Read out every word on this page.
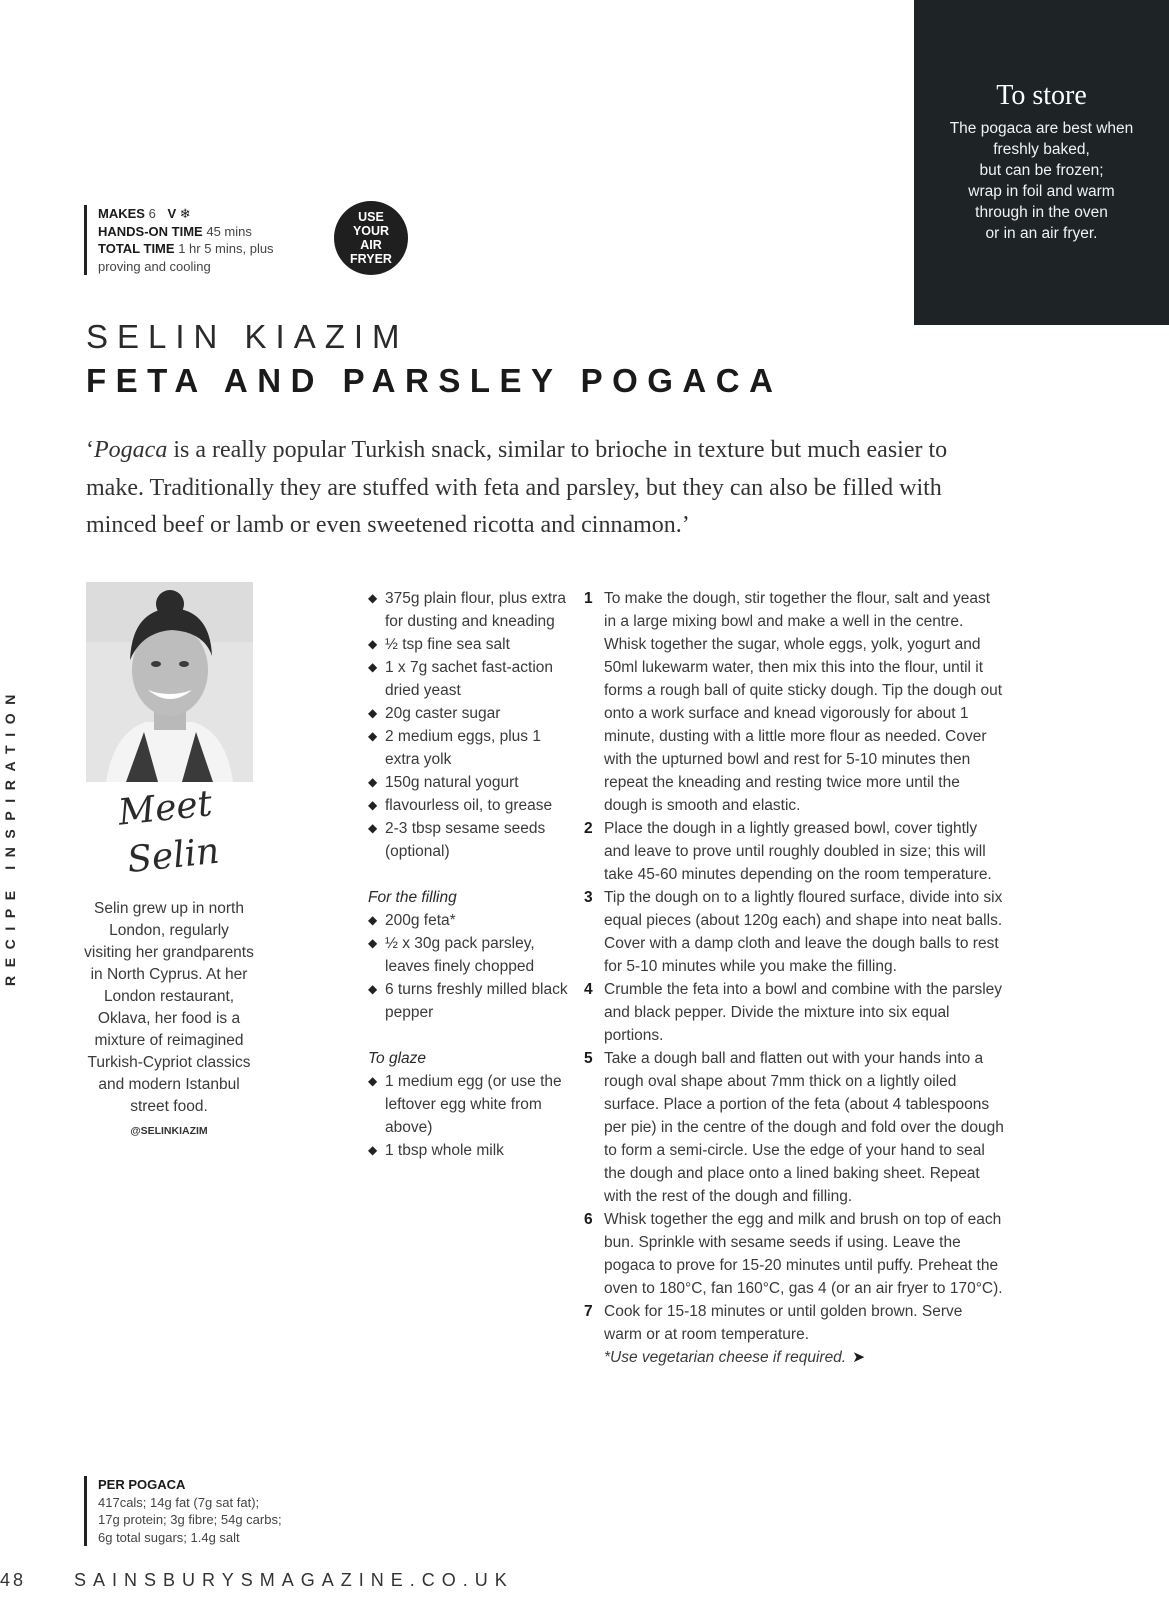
To store
The pogaca are best when
freshly baked,
but can be frozen;
wrap in foil and warm
through in the oven
or in an air fryer.
MAKES 6 V ❄
HANDS-ON TIME 45 mins
TOTAL TIME 1 hr 5 mins, plus
proving and cooling
USE
YOUR
AIR
FRYER
SELIN KIAZIM
FETA AND PARSLEY POGACA
‘Pogaca is a really popular Turkish snack, similar to brioche in texture but much easier to make. Traditionally they are stuffed with feta and parsley, but they can also be filled with minced beef or lamb or even sweetened ricotta and cinnamon.’
RECIPE INSPIRATION	Meet
Selin
Selin grew up in north London, regularly visiting her grandparents in North Cyprus. At her London restaurant, Oklava, her food is a mixture of reimagined Turkish-Cypriot classics and modern Istanbul street food.
@SELINKIAZIM

◆ 375g plain flour, plus extra for dusting and kneading

◆ ½ tsp fine sea salt

◆ 1 x 7g sachet fast-action dried yeast

◆ 20g caster sugar

◆ 2 medium eggs, plus 1 extra yolk

◆ 150g natural yogurt

◆ flavourless oil, to grease

◆ 2-3 tbsp sesame seeds (optional)

For the filling

◆ 200g feta*

◆ ½ x 30g pack parsley, leaves finely chopped

◆ 6 turns freshly milled black pepper

To glaze

◆ 1 medium egg (or use the leftover egg white from above)

◆ 1 tbsp whole milk

1 To make the dough, stir together the flour, salt and yeast in a large mixing bowl and make a well in the centre. Whisk together the sugar, whole eggs, yolk, yogurt and 50ml lukewarm water, then mix this into the flour, until it forms a rough ball of quite sticky dough. Tip the dough out onto a work surface and knead vigorously for about 1 minute, dusting with a little more flour as needed. Cover with the upturned bowl and rest for 5-10 minutes then repeat the kneading and resting twice more until the dough is smooth and elastic.

2 Place the dough in a lightly greased bowl, cover tightly and leave to prove until roughly doubled in size; this will take 45-60 minutes depending on the room temperature.

3 Tip the dough on to a lightly floured surface, divide into six equal pieces (about 120g each) and shape into neat balls. Cover with a damp cloth and leave the dough balls to rest for 5-10 minutes while you make the filling.

4 Crumble the feta into a bowl and combine with the parsley and black pepper. Divide the mixture into six equal portions.

5 Take a dough ball and flatten out with your hands into a rough oval shape about 7mm thick on a lightly oiled surface. Place a portion of the feta (about 4 tablespoons per pie) in the centre of the dough and fold over the dough to form a semi-circle. Use the edge of your hand to seal the dough and place onto a lined baking sheet. Repeat with the rest of the dough and filling.

6 Whisk together the egg and milk and brush on top of each bun. Sprinkle with sesame seeds if using. Leave the pogaca to prove for 15-20 minutes until puffy. Preheat the oven to 180°C, fan 160°C, gas 4 (or an air fryer to 170°C).

7 Cook for 15-18 minutes or until golden brown. Serve warm or at room temperature.

*Use vegetarian cheese if required. ➤

PER POGACA
417cals; 14g fat (7g sat fat);
17g protein; 3g fibre; 54g carbs;
6g total sugars; 1.4g salt
48	SAINSBURYSMAGAZINE.CO.UK
